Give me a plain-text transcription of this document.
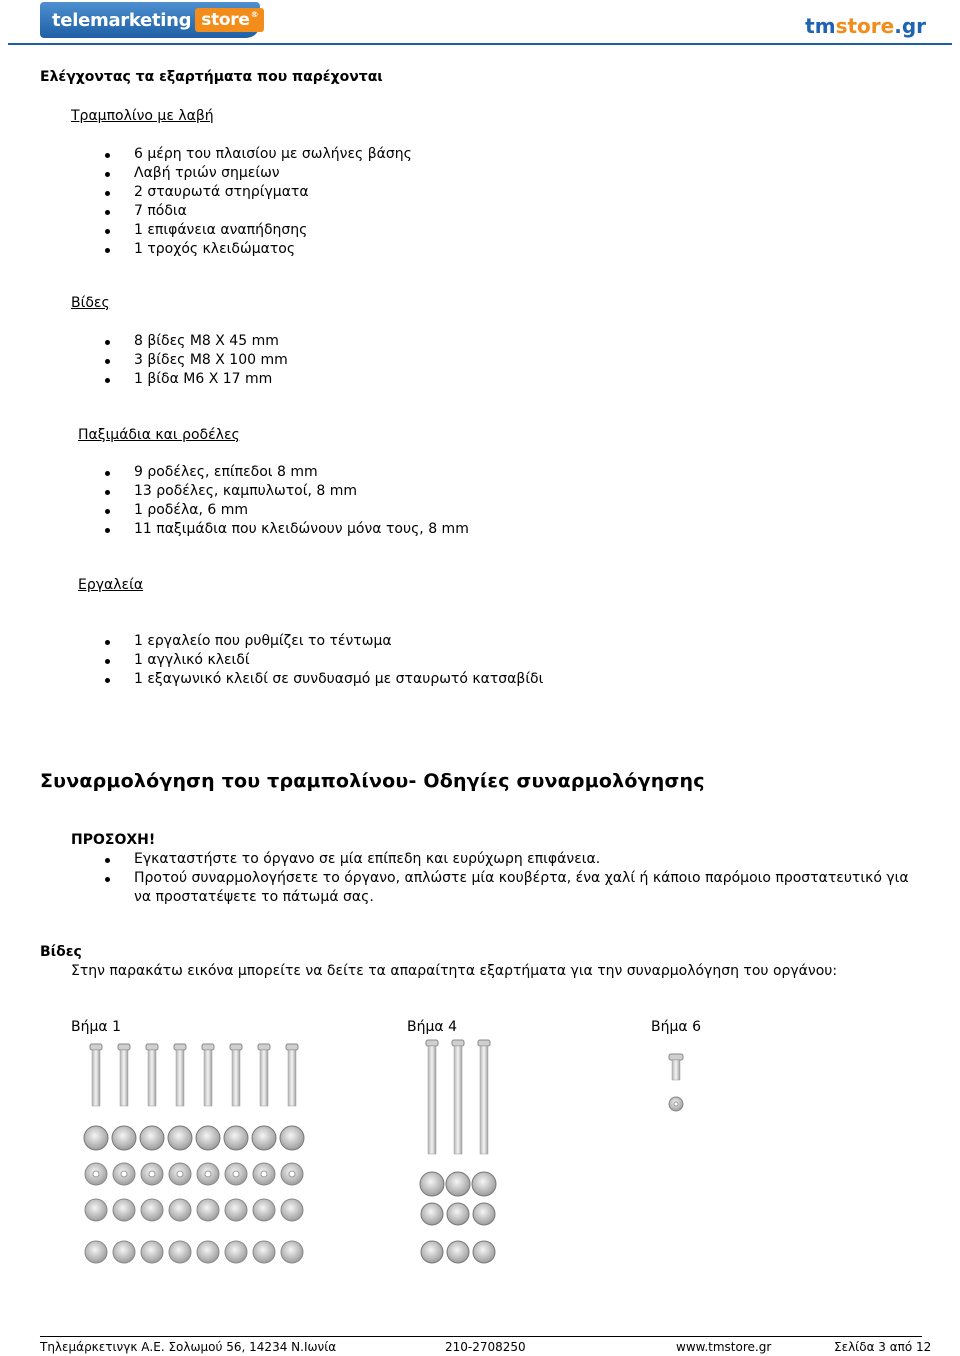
telemarketing store®	tmstore.gr
Ελέγχοντας τα εξαρτήματα που παρέχονται
Τραμπολίνο με λαβή
6 μέρη του πλαισίου με σωλήνες βάσης
Λαβή τριών σημείων
2 σταυρωτά στηρίγματα
7 πόδια
1 επιφάνεια αναπήδησης
1 τροχός κλειδώματος
Βίδες
8 βίδες M8 X 45 mm
3 βίδες M8 X 100 mm
1 βίδα M6 X 17 mm
Παξιμάδια και ροδέλες
9 ροδέλες, επίπεδοι 8 mm
13 ροδέλες, καμπυλωτοί, 8 mm
1 ροδέλα, 6 mm
11 παξιμάδια που κλειδώνουν μόνα τους, 8 mm
Εργαλεία
1 εργαλείο που ρυθμίζει το τέντωμα
1 αγγλικό κλειδί
1 εξαγωνικό κλειδί σε συνδυασμό με σταυρωτό κατσαβίδι
Συναρμολόγηση του τραμπολίνου- Οδηγίες συναρμολόγησης
ΠΡΟΣΟΧΗ!
Εγκαταστήστε το όργανο σε μία επίπεδη και ευρύχωρη επιφάνεια.
Προτού συναρμολογήσετε το όργανο, απλώστε μία κουβέρτα, ένα χαλί ή κάποιο παρόμοιο προστατευτικό για να προστατέψετε το πάτωμά σας.
Βίδες
Στην παρακάτω εικόνα μπορείτε να δείτε τα απαραίτητα εξαρτήματα για την συναρμολόγηση του οργάνου:
Βήμα 1	Βήμα 4	Βήμα 6
Τηλεμάρκετινγκ Α.Ε. Σολωμού 56, 14234 Ν.Ιωνία	210-2708250	www.tmstore.gr	Σελίδα 3 από 12
